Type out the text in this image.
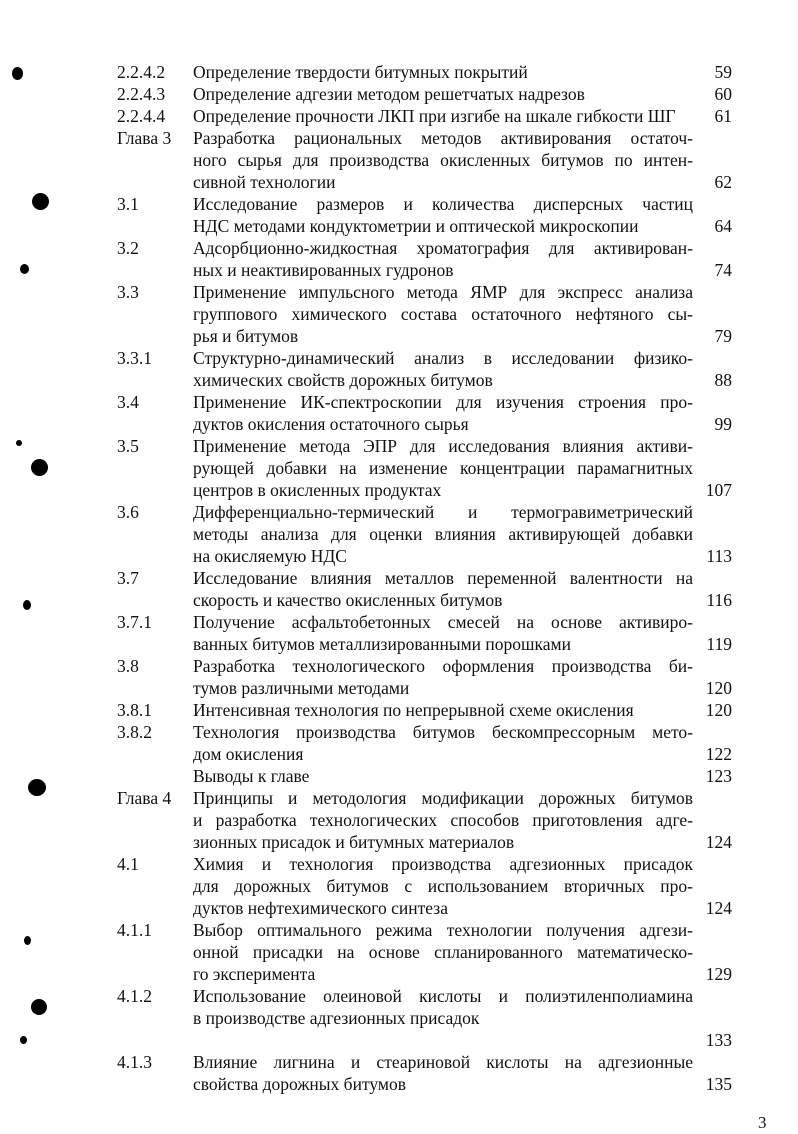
2.2.4.2 Определение твердости битумных покрытий	59
2.2.4.3 Определение адгезии методом решетчатых надрезов	60
2.2.4.4 Определение прочности ЛКП при изгибе на шкале гибкости ШГ	61
Глава 3 Разработка рациональных методов активирования остаточ-
ного сырья для производства окисленных битумов по интен-
сивной технологии	62
3.1	Исследование размеров и количества дисперсных частиц
НДС методами кондуктометрии и оптической микроскопии	64
3.2	Адсорбционно-жидкостная хроматография для активирован-
ных и неактивированных гудронов	74
3.3	Применение импульсного метода ЯМР для экспресс анализа
группового химического состава остаточного нефтяного сы-
рья и битумов	79
3.3.1 Структурно-динамический анализ в исследовании физико-
химических свойств дорожных битумов	88
3.4	Применение ИК-спектроскопии для изучения строения про-
дуктов окисления остаточного сырья	99
3.5	Применение метода ЭПР для исследования влияния активи-
рующей добавки на изменение концентрации парамагнитных
центров в окисленных продуктах	107
3.6	Дифференциально-термический и термогравиметрический
методы анализа для оценки влияния активирующей добавки
на окисляемую НДС	113
3.7	Исследование влияния металлов переменной валентности на
скорость и качество окисленных битумов	116
3.7.1 Получение асфальтобетонных смесей на основе активиро-
ванных битумов металлизированными порошками	119
3.8	Разработка технологического оформления производства би-
тумов различными методами	120
3.8.1 Интенсивная технология по непрерывной схеме окисления	120
3.8.2 Технология производства битумов бескомпрессорным мето-
дом окисления	122
Выводы к главе	123
Глава 4 Принципы и методология модификации дорожных битумов
и разработка технологических способов приготовления адге-
зионных присадок и битумных материалов	124
4.1	Химия и технология производства адгезионных присадок
для дорожных битумов с использованием вторичных про-
дуктов нефтехимического синтеза	124
4.1.1 Выбор оптимального режима технологии получения адгези-
онной присадки на основе спланированного математическо-
го эксперимента	129
4.1.2 Использование олеиновой кислоты и полиэтиленполиамина
в производстве адгезионных присадок
133
4.1.3 Влияние лигнина и стеариновой кислоты на адгезионные
свойства дорожных битумов	135
3
